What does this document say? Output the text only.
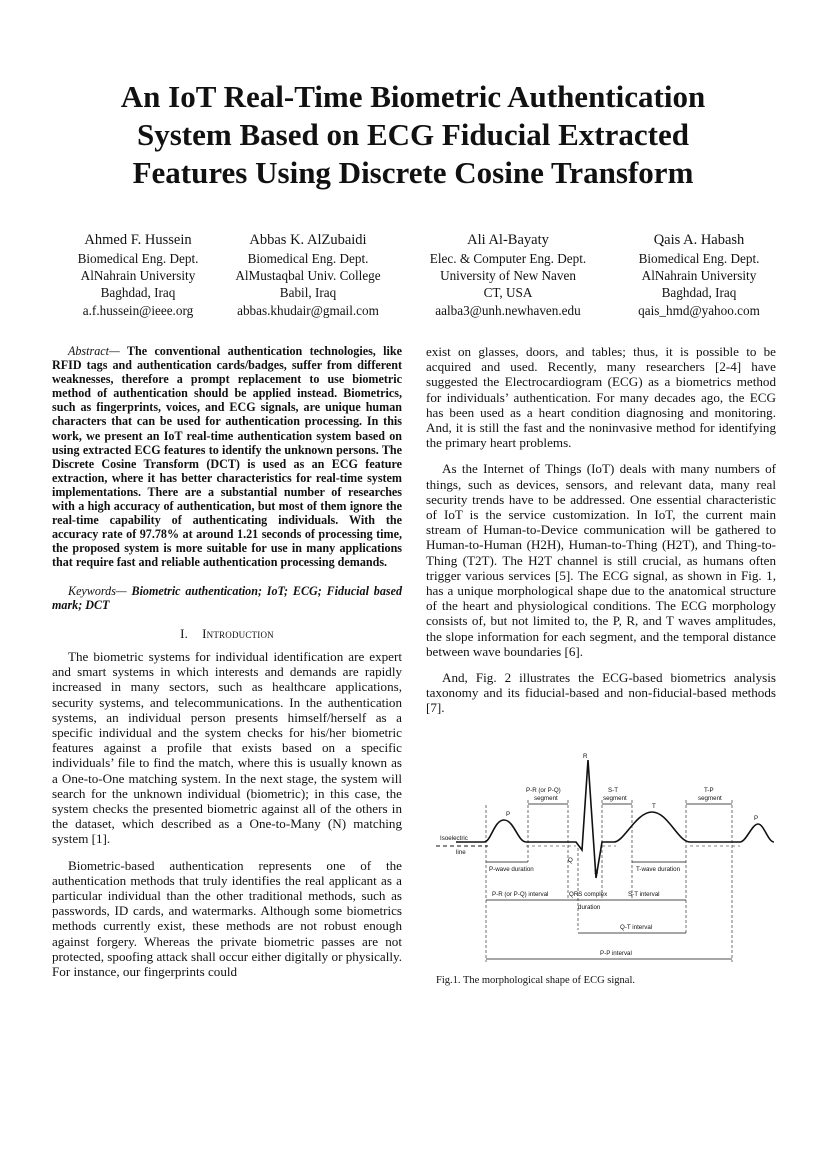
An IoT Real-Time Biometric Authentication
System Based on ECG Fiducial Extracted
Features Using Discrete Cosine Transform
Ahmed F. Hussein
Biomedical Eng. Dept.
AlNahrain University
Baghdad, Iraq
a.f.hussein@ieee.org
Abbas K. AlZubaidi
Biomedical Eng. Dept.
AlMustaqbal Univ. College
Babil, Iraq
abbas.khudair@gmail.com
Ali Al-Bayaty
Elec. & Computer Eng. Dept.
University of New Naven
CT, USA
aalba3@unh.newhaven.edu
Qais A. Habash
Biomedical Eng. Dept.
AlNahrain University
Baghdad, Iraq
qais_hmd@yahoo.com

Abstract— The conventional authentication technologies, like RFID tags and authentication cards/badges, suffer from different weaknesses, therefore a prompt replacement to use biometric method of authentication should be applied instead. Biometrics, such as fingerprints, voices, and ECG signals, are unique human characters that can be used for authentication processing. In this work, we present an IoT real-time authentication system based on using extracted ECG features to identify the unknown persons. The Discrete Cosine Transform (DCT) is used as an ECG feature extraction, where it has better characteristics for real-time system implementations. There are a substantial number of researches with a high accuracy of authentication, but most of them ignore the real-time capability of authenticating individuals. With the accuracy rate of 97.78% at around 1.21 seconds of processing time, the proposed system is more suitable for use in many applications that require fast and reliable authentication processing demands.

Keywords— Biometric authentication; IoT; ECG; Fiducial based mark; DCT

I. Introduction

The biometric systems for individual identification are expert and smart systems in which interests and demands are rapidly increased in many sectors, such as healthcare applications, security systems, and telecommunications. In the authentication systems, an individual person presents himself/herself as a specific individual and the system checks for his/her biometric features against a profile that exists based on a specific individuals’ file to find the match, where this is usually known as a One-to-One matching system. In the next stage, the system will search for the unknown individual (biometric); in this case, the system checks the presented biometric against all of the others in the dataset, which described as a One-to-Many (N) matching system [1].

Biometric-based authentication represents one of the authentication methods that truly identifies the real applicant as a particular individual than the other traditional methods, such as passwords, ID cards, and watermarks. Although some biometrics methods currently exist, these methods are not robust enough against forgery. Whereas the private biometric passes are not protected, spoofing attack shall occur either digitally or physically. For instance, our fingerprints could

exist on glasses, doors, and tables; thus, it is possible to be acquired and used. Recently, many researchers [2-4] have suggested the Electrocardiogram (ECG) as a biometrics method for individuals’ authentication. For many decades ago, the ECG has been used as a heart condition diagnosing and monitoring. And, it is still the fast and the noninvasive method for identifying the primary heart problems.

As the Internet of Things (IoT) deals with many numbers of things, such as devices, sensors, and relevant data, many real security trends have to be addressed. One essential characteristic of IoT is the service customization. In IoT, the current main stream of Human-to-Device communication will be gathered to Human-to-Human (H2H), Human-to-Thing (H2T), and Thing-to-Thing (T2T). The H2T channel is still crucial, as humans often trigger various services [5]. The ECG signal, as shown in Fig. 1, has a unique morphological shape due to the anatomical structure of the heart and physiological conditions. The ECG morphology consists of, but not limited to, the P, R, and T waves amplitudes, the slope information for each segment, and the temporal distance between wave boundaries [6].

And, Fig. 2 illustrates the ECG-based biometrics analysis taxonomy and its fiducial-based and non-fiducial-based methods [7].

R
P
P
T
Q
S
Isoelectric
line
P-R (or P-Q)
segment
S-T
segment
T-P
segment
P-wave duration	T-wave duration
P-R (or P-Q) interval	QRS complex
duration
S-T interval
Q-T interval
P-P interval
Fig.1. The morphological shape of ECG signal.
